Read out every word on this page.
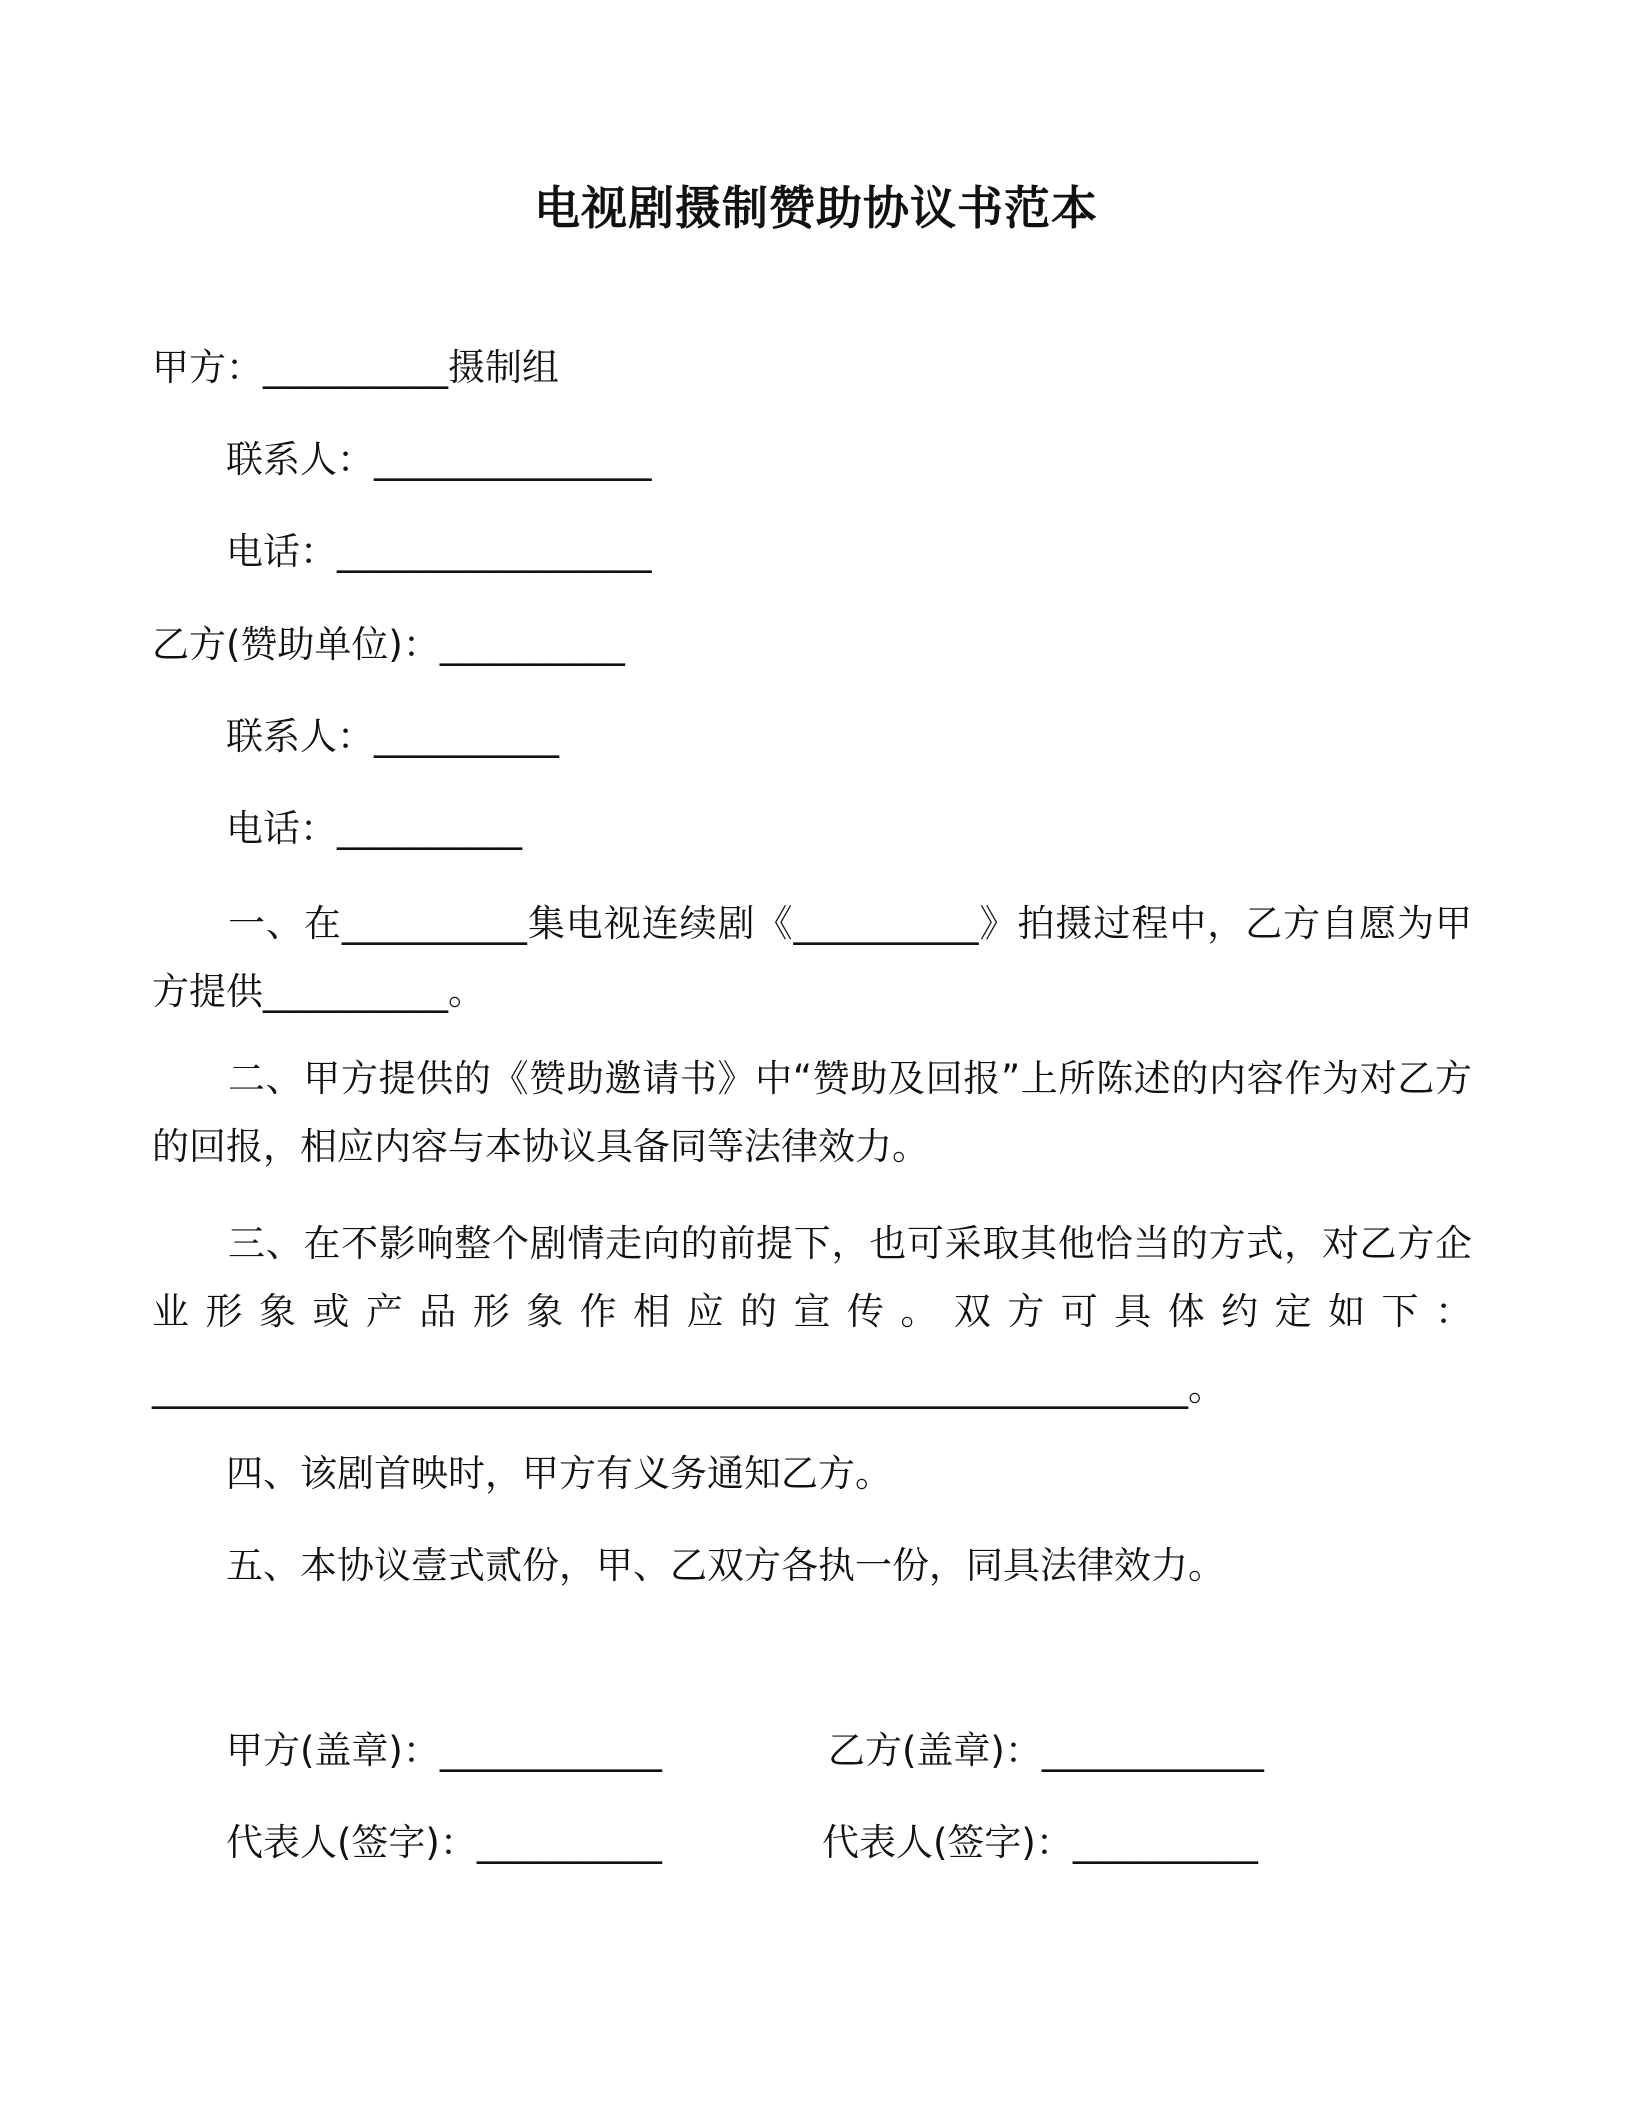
电视剧摄制赞助协议书范本
甲方：__________摄制组
联系人：_______________
电话：_________________
乙方(赞助单位)：__________
联系人：__________
电话：__________
一、在__________集电视连续剧《__________》拍摄过程中，乙方自愿为甲方提供__________。
二、甲方提供的《赞助邀请书》中“赞助及回报”上所陈述的内容作为对乙方的回报，相应内容与本协议具备同等法律效力。
三、在不影响整个剧情走向的前提下，也可采取其他恰当的方式，对乙方企业形象或产品形象作相应的宣传。双方可具体约定如下：
________________________________________________________。
四、该剧首映时，甲方有义务通知乙方。
五、本协议壹式贰份，甲、乙双方各执一份，同具法律效力。
甲方(盖章)：____________	乙方(盖章)：____________
代表人(签字)：__________	代表人(签字)：__________
